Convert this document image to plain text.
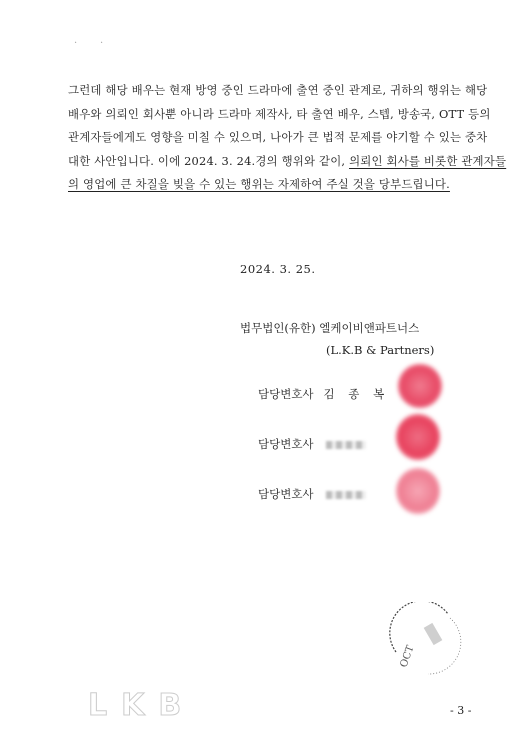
· ·
그런데 해당 배우는 현재 방영 중인 드라마에 출연 중인 관계로, 귀하의 행위는 해당
배우와 의뢰인 회사뿐 아니라 드라마 제작사, 타 출연 배우, 스텝, 방송국, OTT 등의
관계자들에게도 영향을 미칠 수 있으며, 나아가 큰 법적 문제를 야기할 수 있는 중차
대한 사안입니다. 이에 2024. 3. 24.경의 행위와 같이, 의뢰인 회사를 비롯한 관계자들
의 영업에 큰 차질을 빚을 수 있는 행위는 자제하여 주실 것을 당부드립니다.
2024. 3. 25.
법무법인(유한) 엘케이비앤파트너스
(L.K.B & Partners)
담당변호사 김 종 복
담당변호사
담당변호사
OCT
LKB	- 3 -
